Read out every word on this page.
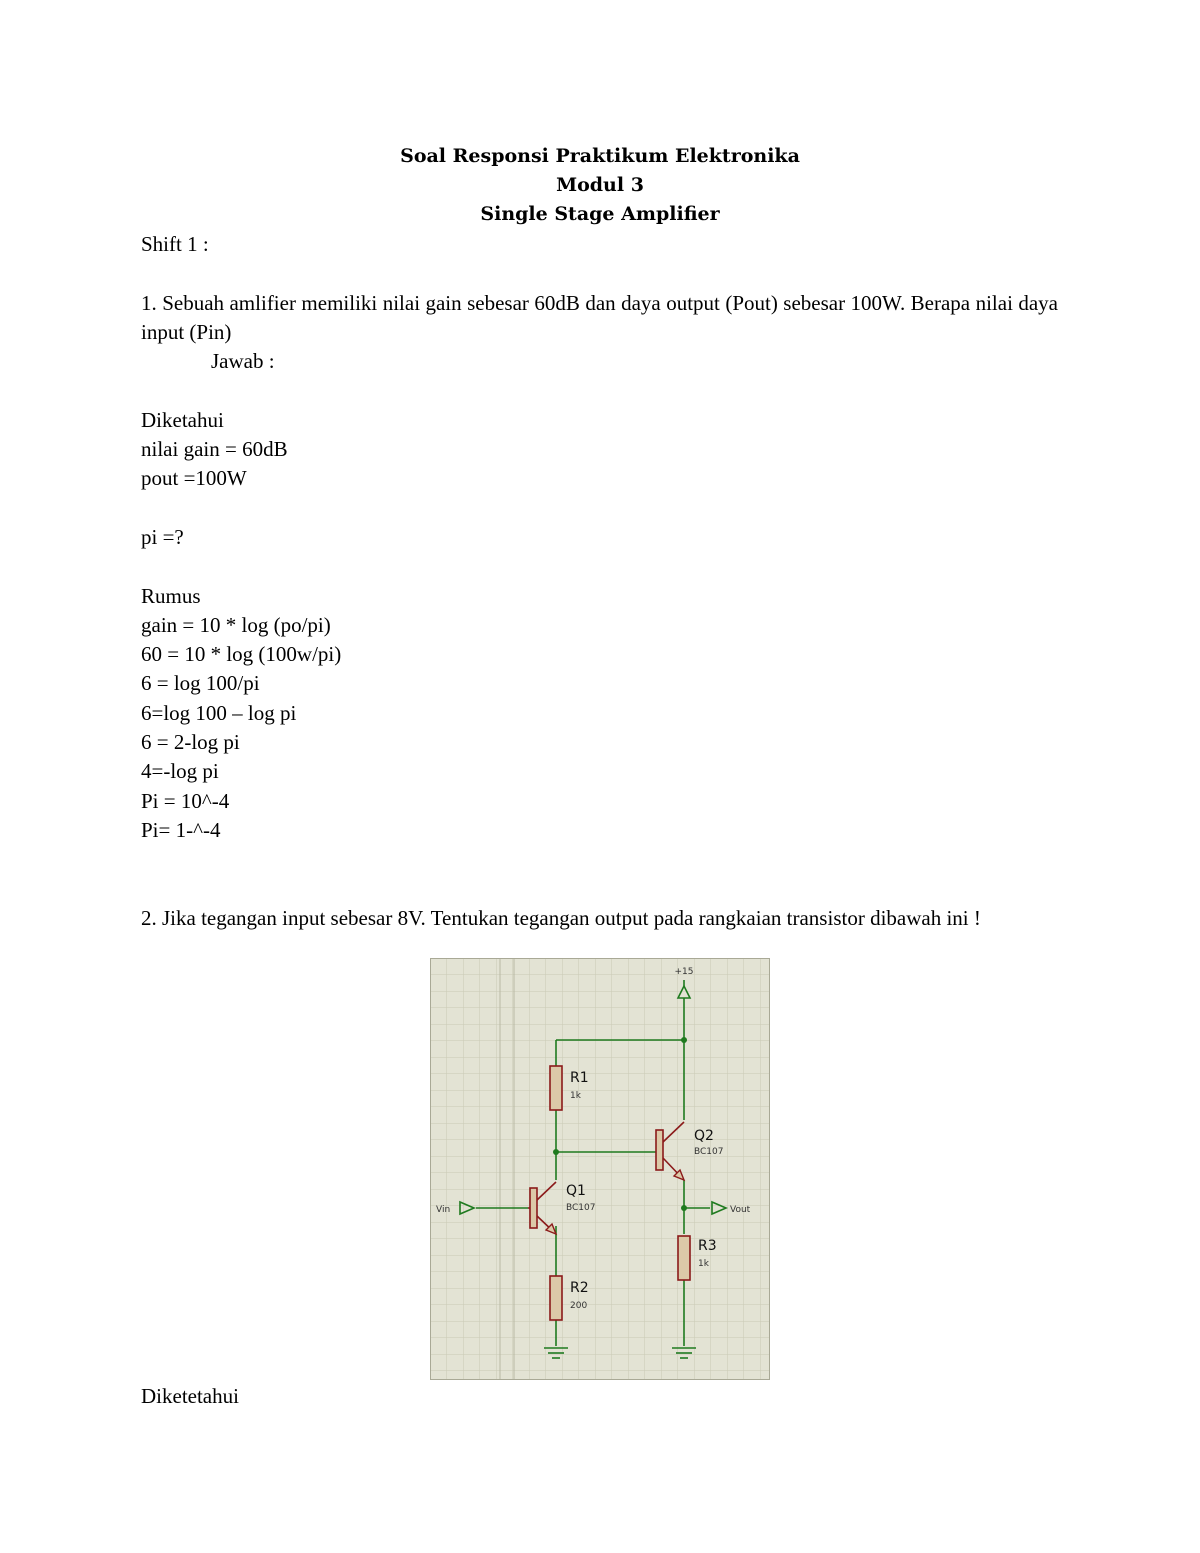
Soal Responsi Praktikum Elektronika
Modul 3
Single Stage Amplifier
Shift 1 :
1. Sebuah amlifier memiliki nilai gain sebesar 60dB dan daya output (Pout) sebesar 100W. Berapa nilai daya input (Pin)
Jawab :
Diketahui
nilai gain = 60dB
pout =100W
pi =?
Rumus
gain = 10 * log (po/pi)
60 = 10 * log (100w/pi)
6 = log 100/pi
6=log 100 – log pi
6 = 2-log pi
4=-log pi
Pi = 10^-4
Pi= 1-^-4
2. Jika tegangan input sebesar 8V. Tentukan tegangan output pada rangkaian transistor dibawah ini !
+15
Vin	Vout
R1
1k
R2
200
R3
1k
Q1
BC107
Q2
BC107
Diketetahui
